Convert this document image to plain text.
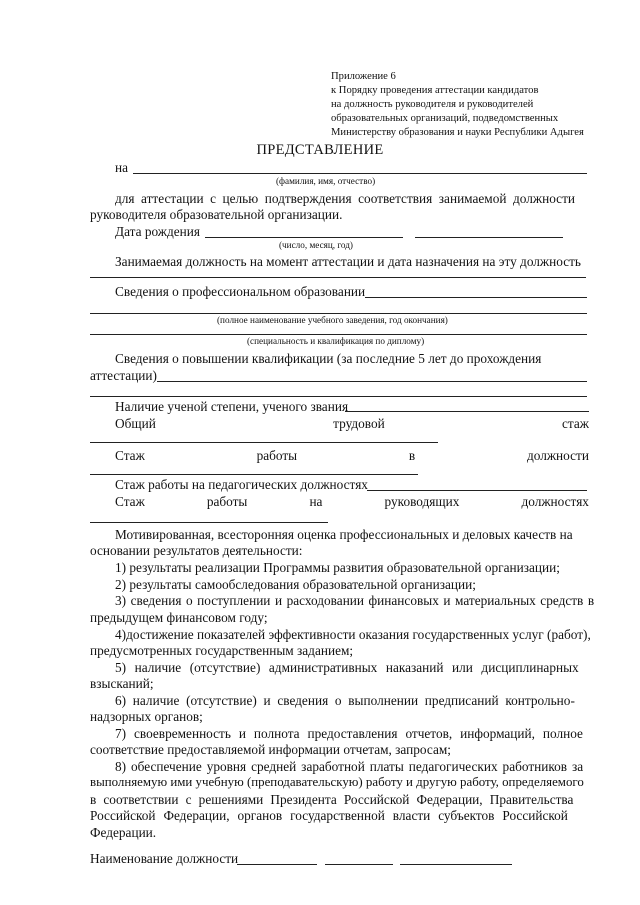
Приложение 6
к Порядку проведения аттестации кандидатов
на должность руководителя и руководителей
образовательных организаций, подведомственных
Министерству образования и науки Республики Адыгея
ПРЕДСТАВЛЕНИЕ
на
(фамилия, имя, отчество)
для аттестации с целью подтверждения соответствия занимаемой должности
руководителя образовательной организации.
Дата рождения
(число, месяц, год)
Занимаемая должность на момент аттестации и дата назначения на эту должность
Сведения о профессиональном образовании
(полное наименование учебного заведения, год окончания)
(специальность и квалификация по диплому)
Сведения о повышении квалификации (за последние 5 лет до прохождения
аттестации)
Наличие ученой степени, ученого звания
Общий	трудовой	стаж
Стаж	работы	в	должности
Стаж работы на педагогических должностях
Стаж	работы	на	руководящих	должностях
Мотивированная, всесторонняя оценка профессиональных и деловых качеств на
основании результатов деятельности:
1) результаты реализации Программы развития образовательной организации;
2) результаты самообследования образовательной организации;
3) сведения о поступлении и расходовании финансовых и материальных средств в
предыдущем финансовом году;
4)достижение показателей эффективности оказания государственных услуг (работ),
предусмотренных государственным заданием;
5) наличие (отсутствие) административных наказаний или дисциплинарных
взысканий;
6) наличие (отсутствие) и сведения о выполнении предписаний контрольно-
надзорных органов;
7) своевременность и полнота предоставления отчетов, информаций, полное
соответствие предоставляемой информации отчетам, запросам;
8) обеспечение уровня средней заработной платы педагогических работников за
выполняемую ими учебную (преподавательскую) работу и другую работу, определяемого
в соответствии с решениями Президента Российской Федерации, Правительства
Российской Федерации, органов государственной власти субъектов Российской
Федерации.
Наименование должности
